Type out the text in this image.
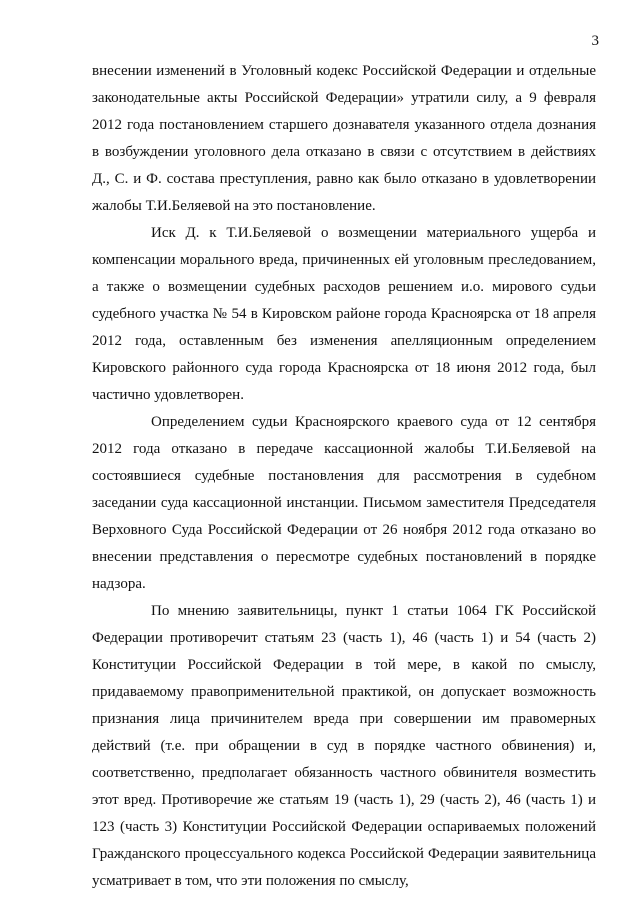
3

внесении изменений в Уголовный кодекс Российской Федерации и отдельные законодательные акты Российской Федерации» утратили силу, а 9 февраля 2012 года постановлением старшего дознавателя указанного отдела дознания в возбуждении уголовного дела отказано в связи с отсутствием в действиях Д., С. и Ф. состава преступления, равно как было отказано в удовлетворении жалобы Т.И.Беляевой на это постановление.

Иск Д. к Т.И.Беляевой о возмещении материального ущерба и компенсации морального вреда, причиненных ей уголовным преследованием, а также о возмещении судебных расходов решением и.о. мирового судьи судебного участка № 54 в Кировском районе города Красноярска от 18 апреля 2012 года, оставленным без изменения апелляционным определением Кировского районного суда города Красноярска от 18 июня 2012 года, был частично удовлетворен.

Определением судьи Красноярского краевого суда от 12 сентября 2012 года отказано в передаче кассационной жалобы Т.И.Беляевой на состоявшиеся судебные постановления для рассмотрения в судебном заседании суда кассационной инстанции. Письмом заместителя Председателя Верховного Суда Российской Федерации от 26 ноября 2012 года отказано во внесении представления о пересмотре судебных постановлений в порядке надзора.

По мнению заявительницы, пункт 1 статьи 1064 ГК Российской Федерации противоречит статьям 23 (часть 1), 46 (часть 1) и 54 (часть 2) Конституции Российской Федерации в той мере, в какой по смыслу, придаваемому правоприменительной практикой, он допускает возможность признания лица причинителем вреда при совершении им правомерных действий (т.е. при обращении в суд в порядке частного обвинения) и, соответственно, предполагает обязанность частного обвинителя возместить этот вред. Противоречие же статьям 19 (часть 1), 29 (часть 2), 46 (часть 1) и 123 (часть 3) Конституции Российской Федерации оспариваемых положений Гражданского процессуального кодекса Российской Федерации заявительница усматривает в том, что эти положения по смыслу,
